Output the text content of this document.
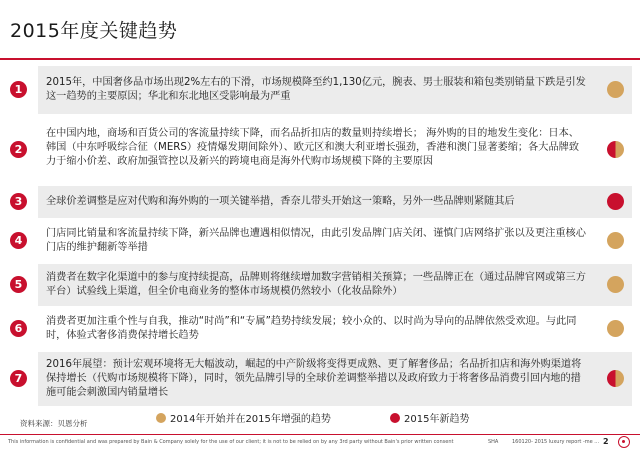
2015年度关键趋势
1
2015年，中国奢侈品市场出现2%左右的下滑，市场规模降至约1,130亿元，腕表、男士服装和箱包类别销量下跌是引发这一趋势的主要原因；华北和东北地区受影响最为严重
2
在中国内地，商场和百货公司的客流量持续下降，而名品折扣店的数量则持续增长； 海外购的目的地发生变化：日本、韩国（中东呼吸综合征（MERS）疫情爆发期间除外）、欧元区和澳大利亚增长强劲，香港和澳门显著萎缩；各大品牌致力于缩小价差、政府加强管控以及新兴的跨境电商是海外代购市场规模下降的主要原因
3	全球价差调整是应对代购和海外购的一项关键举措，香奈儿带头开始这一策略，另外一些品牌则紧随其后
4
门店同比销量和客流量持续下降，新兴品牌也遭遇相似情况，由此引发品牌门店关闭、谨慎门店网络扩张以及更注重核心门店的维护翻新等举措
5
消费者在数字化渠道中的参与度持续提高，品牌则将继续增加数字营销相关预算；一些品牌正在（通过品牌官网或第三方平台）试验线上渠道，但全价电商业务的整体市场规模仍然较小（化妆品除外）
6
消费者更加注重个性与自我，推动“时尚”和“专属”趋势持续发展；较小众的、以时尚为导向的品牌依然受欢迎。与此同时，体验式奢侈消费保持增长趋势
7
2016年展望：预计宏观环境将无大幅波动，崛起的中产阶级将变得更成熟、更了解奢侈品；名品折扣店和海外购渠道将保持增长（代购市场规模将下降），同时，领先品牌引导的全球价差调整举措以及政府致力于将奢侈品消费引回内地的措施可能会刺激国内销量增长
资料来源：贝恩分析	2014年开始并在2015年增强的趋势	2015年新趋势
This information is confidential and was prepared by Bain & Company solely for the use of our client; it is not to be relied on by any 3rd party without Bain's prior written consent	SHA	160120- 2015 luxury report -me ... 2
